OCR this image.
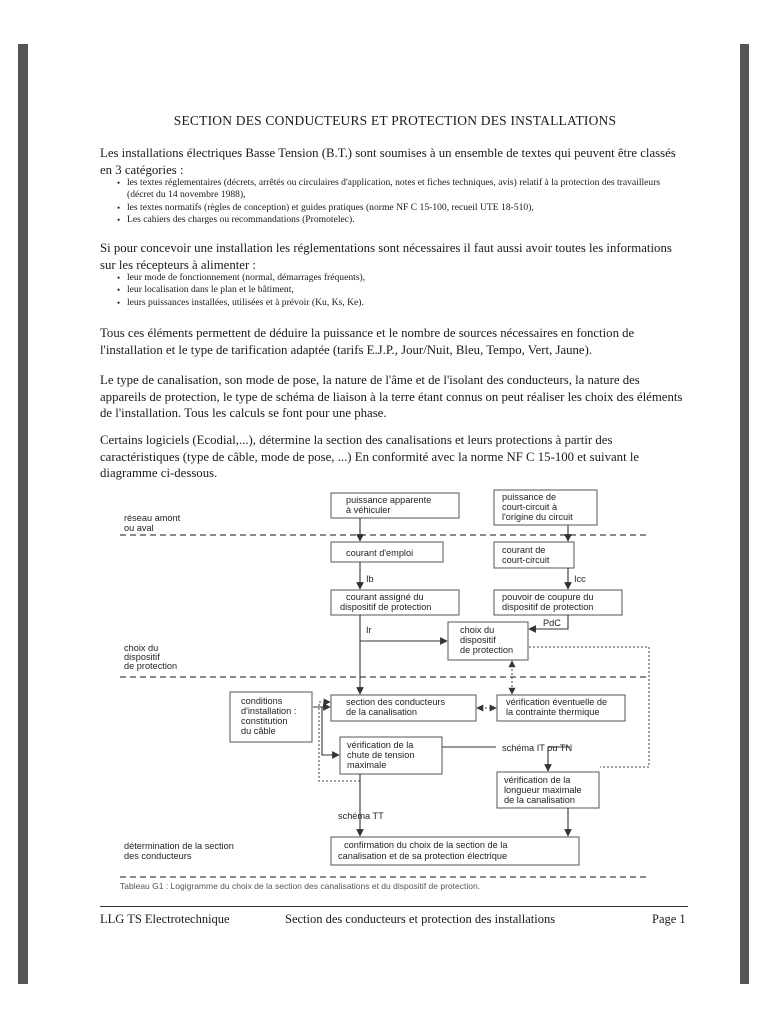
SECTION DES CONDUCTEURS ET PROTECTION DES INSTALLATIONS

Les installations électriques Basse Tension (B.T.) sont soumises à un ensemble de textes qui peuvent être classés en 3 catégories :

• les textes réglementaires (décrets, arrêtés ou circulaires d'application, notes et fiches techniques, avis) relatif à la protection des travailleurs (décret du 14 novembre 1988),
• les textes normatifs (règles de conception) et guides pratiques (norme NF C 15-100, recueil UTE 18-510),
• Les cahiers des charges ou recommandations (Promotelec).

Si pour concevoir une installation les réglementations sont nécessaires il faut aussi avoir toutes les informations sur les récepteurs à alimenter :

• leur mode de fonctionnement (normal, démarrages fréquents),
• leur localisation dans le plan et le bâtiment,
• leurs puissances installées, utilisées et à prévoir (Ku, Ks, Ke).

Tous ces éléments permettent de déduire la puissance et le nombre de sources nécessaires en fonction de l'installation et le type de tarification adaptée (tarifs E.J.P., Jour/Nuit, Bleu, Tempo, Vert, Jaune).

Le type de canalisation, son mode de pose, la nature de l'âme et de l'isolant des conducteurs, la nature des appareils de protection, le type de schéma de liaison à la terre étant connus on peut réaliser les choix des éléments de l'installation. Tous les calculs se font pour une phase.

Certains logiciels (Ecodial,...), détermine la section des canalisations et leurs protections à partir des caractéristiques (type de câble, mode de pose, ...) En conformité avec la norme NF C 15-100 et suivant le diagramme ci-dessous.

réseau amont
ou aval
choix du
dispositif
de protection
détermination de la section
des conducteurs
puissance apparente
à véhiculer
puissance de
court-circuit à
l'origine du circuit
courant d'emploi	courant de
court-circuit
courant assigné du
dispositif de protection
pouvoir de coupure du
dispositif de protection
choix du
dispositif
de protection
conditions
d'installation :
constitution
du câble
section des conducteurs
de la canalisation
vérification éventuelle de
la contrainte thermique
vérification de la
chute de tension
maximale
vérification de la
longueur maximale
de la canalisation
confirmation du choix de la section de la
canalisation et de sa protection électrique
Ib	Icc
Ir
PdC
schéma IT ou TN
schéma TT
Tableau G1 : Logigramme du choix de la section des canalisations et du dispositif de protection.
LLG TS Electrotechnique	Section des conducteurs et protection des installations	Page 1
